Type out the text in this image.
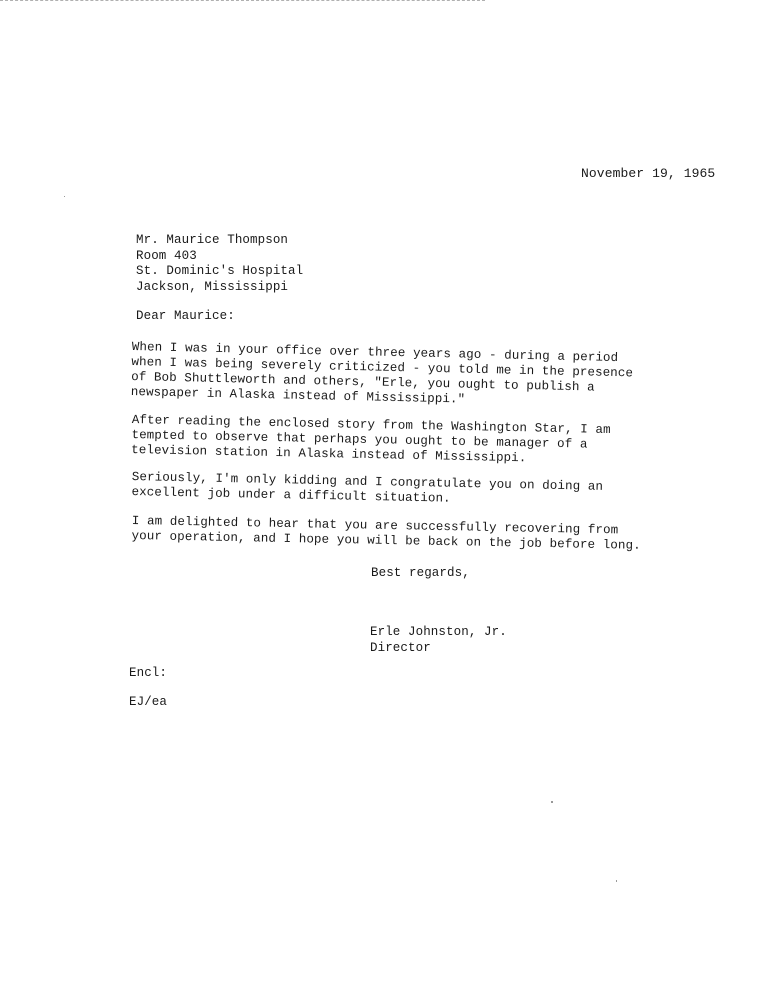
November 19, 1965
Mr. Maurice Thompson
Room 403
St. Dominic's Hospital
Jackson, Mississippi
Dear Maurice:
When I was in your office over three years ago - during a period when I was being severely criticized - you told me in the presence of Bob Shuttleworth and others, "Erle, you ought to publish a newspaper in Alaska instead of Mississippi."
After reading the enclosed story from the Washington Star, I am tempted to observe that perhaps you ought to be manager of a television station in Alaska instead of Mississippi.
Seriously, I'm only kidding and I congratulate you on doing an excellent job under a difficult situation.
I am delighted to hear that you are successfully recovering from your operation, and I hope you will be back on the job before long.
Best regards,
Erle Johnston, Jr.
Director
Encl:
EJ/ea
